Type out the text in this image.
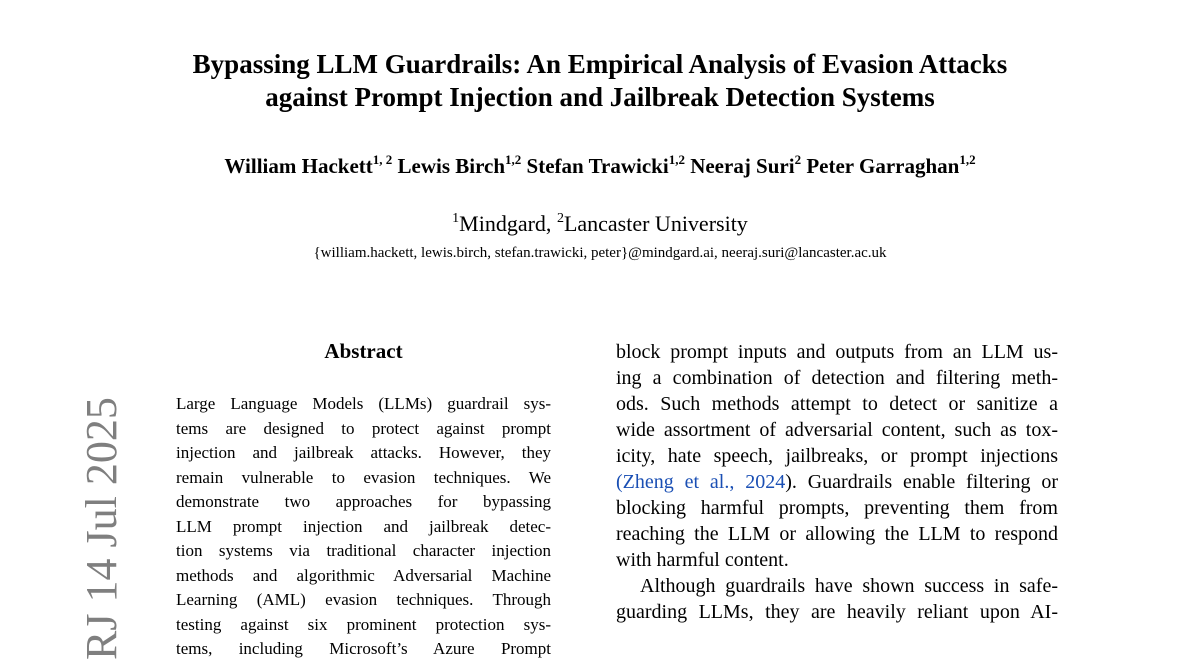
Bypassing LLM Guardrails: An Empirical Analysis of Evasion Attacks
against Prompt Injection and Jailbreak Detection Systems
William Hackett$^{1, 2}$ Lewis Birch$^{1,2}$ Stefan Trawicki$^{1,2}$ Neeraj Suri$^2$ Peter Garraghan$^{1,2}$
$^1$Mindgard, $^2$Lancaster University
{william.hackett, lewis.birch, stefan.trawicki, peter}@mindgard.ai, neeraj.suri@lancaster.ac.uk
Abstract
Large Language Models (LLMs) guardrail sys-
tems are designed to protect against prompt
injection and jailbreak attacks. However, they
remain vulnerable to evasion techniques. We
demonstrate two approaches for bypassing
LLM prompt injection and jailbreak detec-
tion systems via traditional character injection
methods and algorithmic Adversarial Machine
Learning (AML) evasion techniques. Through
testing against six prominent protection sys-
tems, including Microsoft’s Azure Prompt
block prompt inputs and outputs from an LLM us-
ing a combination of detection and filtering meth-
ods. Such methods attempt to detect or sanitize a
wide assortment of adversarial content, such as tox-
icity, hate speech, jailbreaks, or prompt injections
(Zheng et al., 2024). Guardrails enable filtering or
blocking harmful prompts, preventing them from
reaching the LLM or allowing the LLM to respond
with harmful content.
Although guardrails have shown success in safe-
guarding LLMs, they are heavily reliant upon AI-
RJ 14 Jul 2025
